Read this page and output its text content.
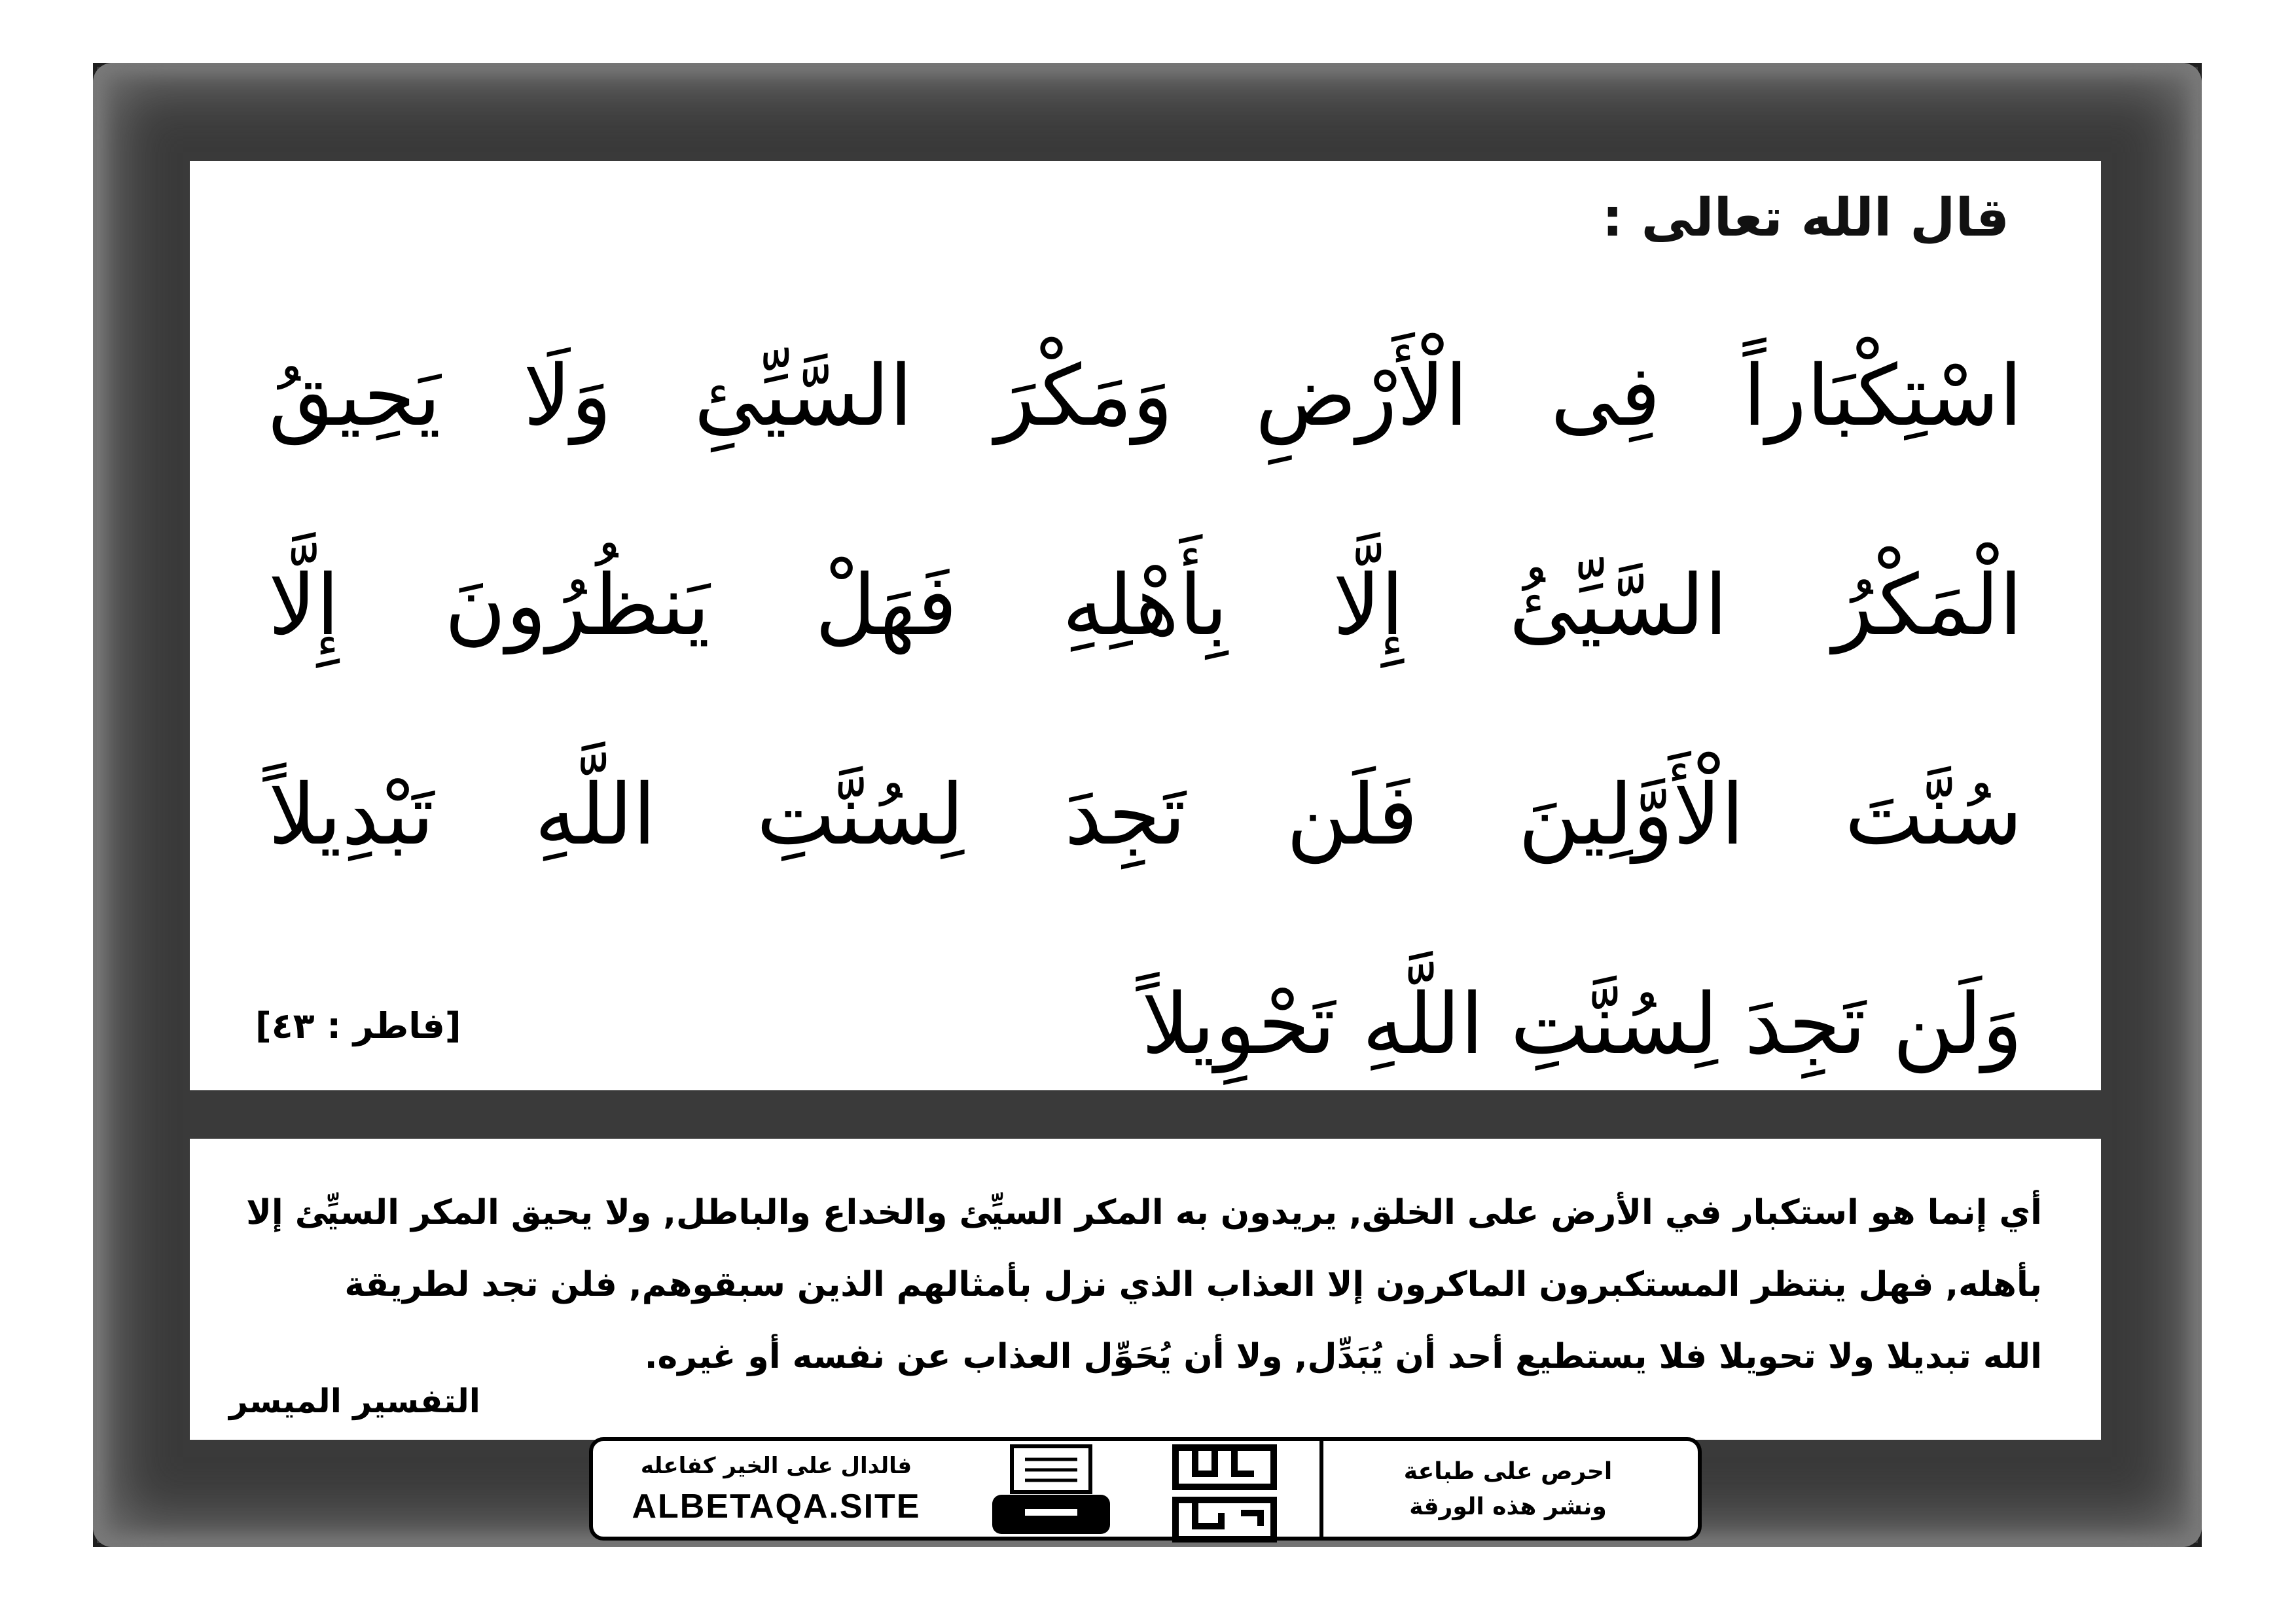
قال الله تعالى :
اسْتِكْبَاراً فِى الْأَرْضِ وَمَكْرَ السَّيِّئِ وَلَا يَحِيقُ
الْمَكْرُ السَّيِّئُ إِلَّا بِأَهْلِهِ فَهَلْ يَنظُرُونَ إِلَّا
سُنَّتَ الْأَوَّلِينَ فَلَن تَجِدَ لِسُنَّتِ اللَّهِ تَبْدِيلاً
وَلَن تَجِدَ لِسُنَّتِ اللَّهِ تَحْوِيلاً
[فاطر : ٤٣]
أي إنما هو استكبار في الأرض على الخلق, يريدون به المكر السيِّئ والخداع والباطل, ولا يحيق المكر السيِّئ إلا
بأهله, فهل ينتظر المستكبرون الماكرون إلا العذاب الذي نزل بأمثالهم الذين سبقوهم, فلن تجد لطريقة
الله تبديلا ولا تحويلا فلا يستطيع أحد أن يُبَدِّل, ولا أن يُحَوِّل العذاب عن نفسه أو غيره.
التفسير الميسر
فالدال على الخير كفاعله
ALBETAQA.SITE
احرص على طباعة
ونشر هذه الورقة
